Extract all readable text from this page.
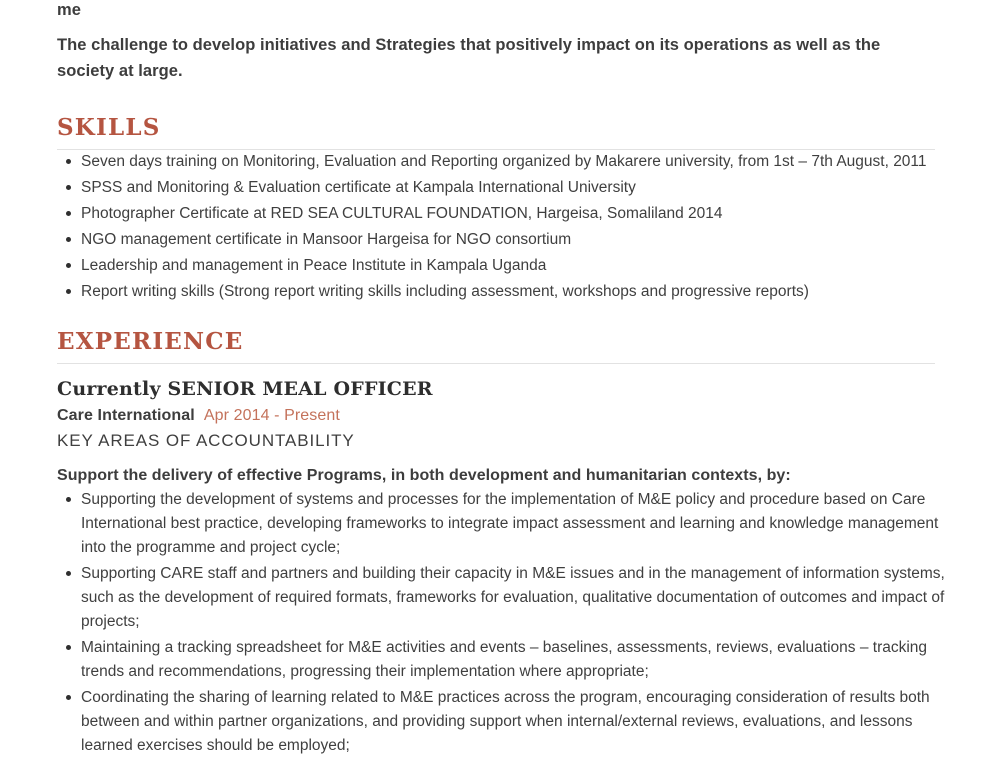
me

The challenge to develop initiatives and Strategies that positively impact on its operations as well as the society at large.

SKILLS
Seven days training on Monitoring, Evaluation and Reporting organized by Makarere university, from 1st – 7th August, 2011
SPSS and Monitoring & Evaluation certificate at Kampala International University
Photographer Certificate at RED SEA CULTURAL FOUNDATION, Hargeisa, Somaliland 2014
NGO management certificate in Mansoor Hargeisa for NGO consortium
Leadership and management in Peace Institute in Kampala Uganda
Report writing skills (Strong report writing skills including assessment, workshops and progressive reports)
EXPERIENCE
Currently SENIOR MEAL OFFICER
Care International Apr 2014 - Present
KEY AREAS OF ACCOUNTABILITY
Support the delivery of effective Programs, in both development and humanitarian contexts, by:
Supporting the development of systems and processes for the implementation of M&E policy and procedure based on Care International best practice, developing frameworks to integrate impact assessment and learning and knowledge management into the programme and project cycle;
Supporting CARE staff and partners and building their capacity in M&E issues and in the management of information systems, such as the development of required formats, frameworks for evaluation, qualitative documentation of outcomes and impact of projects;
Maintaining a tracking spreadsheet for M&E activities and events – baselines, assessments, reviews, evaluations – tracking trends and recommendations, progressing their implementation where appropriate;
Coordinating the sharing of learning related to M&E practices across the program, encouraging consideration of results both between and within partner organizations, and providing support when internal/external reviews, evaluations, and lessons learned exercises should be employed;
